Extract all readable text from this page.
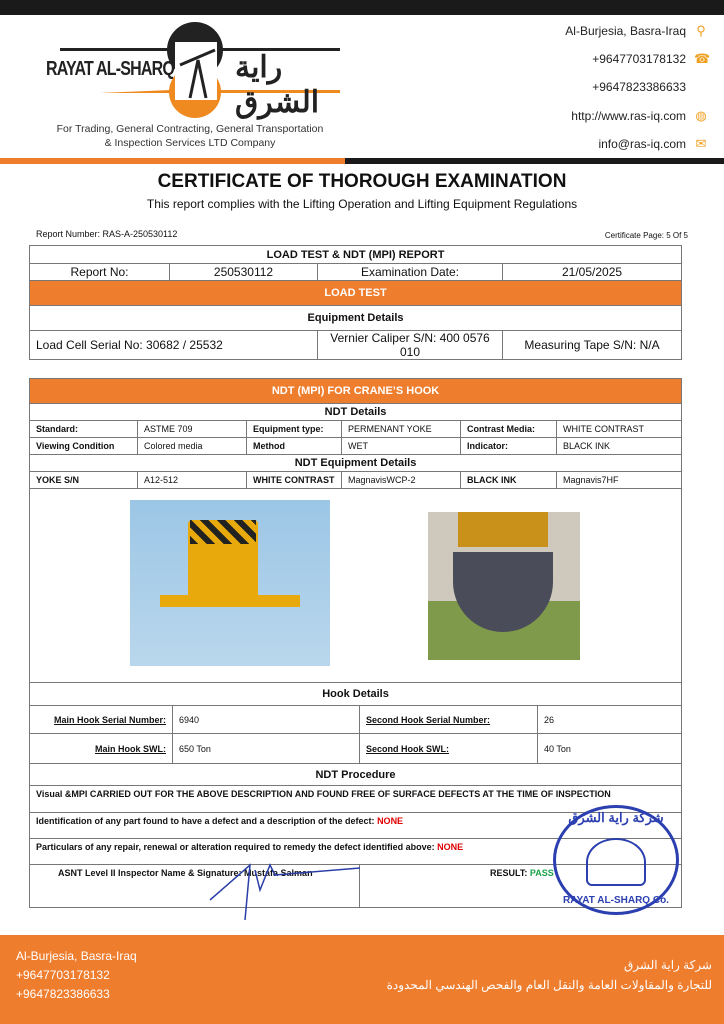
RAYAT AL-SHARQ راية الشرق
For Trading, General Contracting, General Transportation
& Inspection Services LTD Company
Al-Burjesia, Basra-Iraq ⚲
+9647703178132 ☎
+9647823386633
http://www.ras-iq.com ◍
info@ras-iq.com ✉
CERTIFICATE OF THOROUGH EXAMINATION
This report complies with the Lifting Operation and Lifting Equipment Regulations
Report Number: RAS-A-250530112	Certificate Page: 5 Of 5
LOAD TEST & NDT (MPI) REPORT			
Report No:	250530112	Examination Date:	21/05/2025
LOAD TEST			
Equipment Details			
Load Cell Serial No: 30682 / 25532		Vernier Caliper S/N: 400 0576 010	Measuring Tape S/N: N/A
NDT (MPI) FOR CRANE’S HOOK					
NDT Details					
Standard:	ASTME 709	Equipment type:	PERMENANT YOKE	Contrast Media:	WHITE CONTRAST
Viewing Condition	Colored media	Method	WET	Indicator:	BLACK INK
NDT Equipment Details					
YOKE S/N	A12-512	WHITE CONTRAST	MagnavisWCP-2	BLACK INK	Magnavis7HF

Hook Details					
Main Hook Serial Number:	6940	Second Hook Serial Number:	26
Main Hook SWL:	650 Ton	Second Hook SWL:	40 Ton
NDT Procedure			
Visual &MPI CARRIED OUT FOR THE ABOVE DESCRIPTION AND FOUND FREE OF SURFACE DEFECTS AT THE TIME OF INSPECTION			
Identification of any part found to have a defect and a description of the defect: NONE			
Particulars of any repair, renewal or alteration required to remedy the defect identified above: NONE			
ASNT Level II Inspector Name & Signature: Mustafa Salman		RESULT: PASS	
شركة راية الشرق
RAYAT AL-SHARQ Co.
Al-Burjesia, Basra-Iraq
+9647703178132
+9647823386633
شركة راية الشرق
للتجارة والمقاولات العامة والنقل العام والفحص الهندسي المحدودة
